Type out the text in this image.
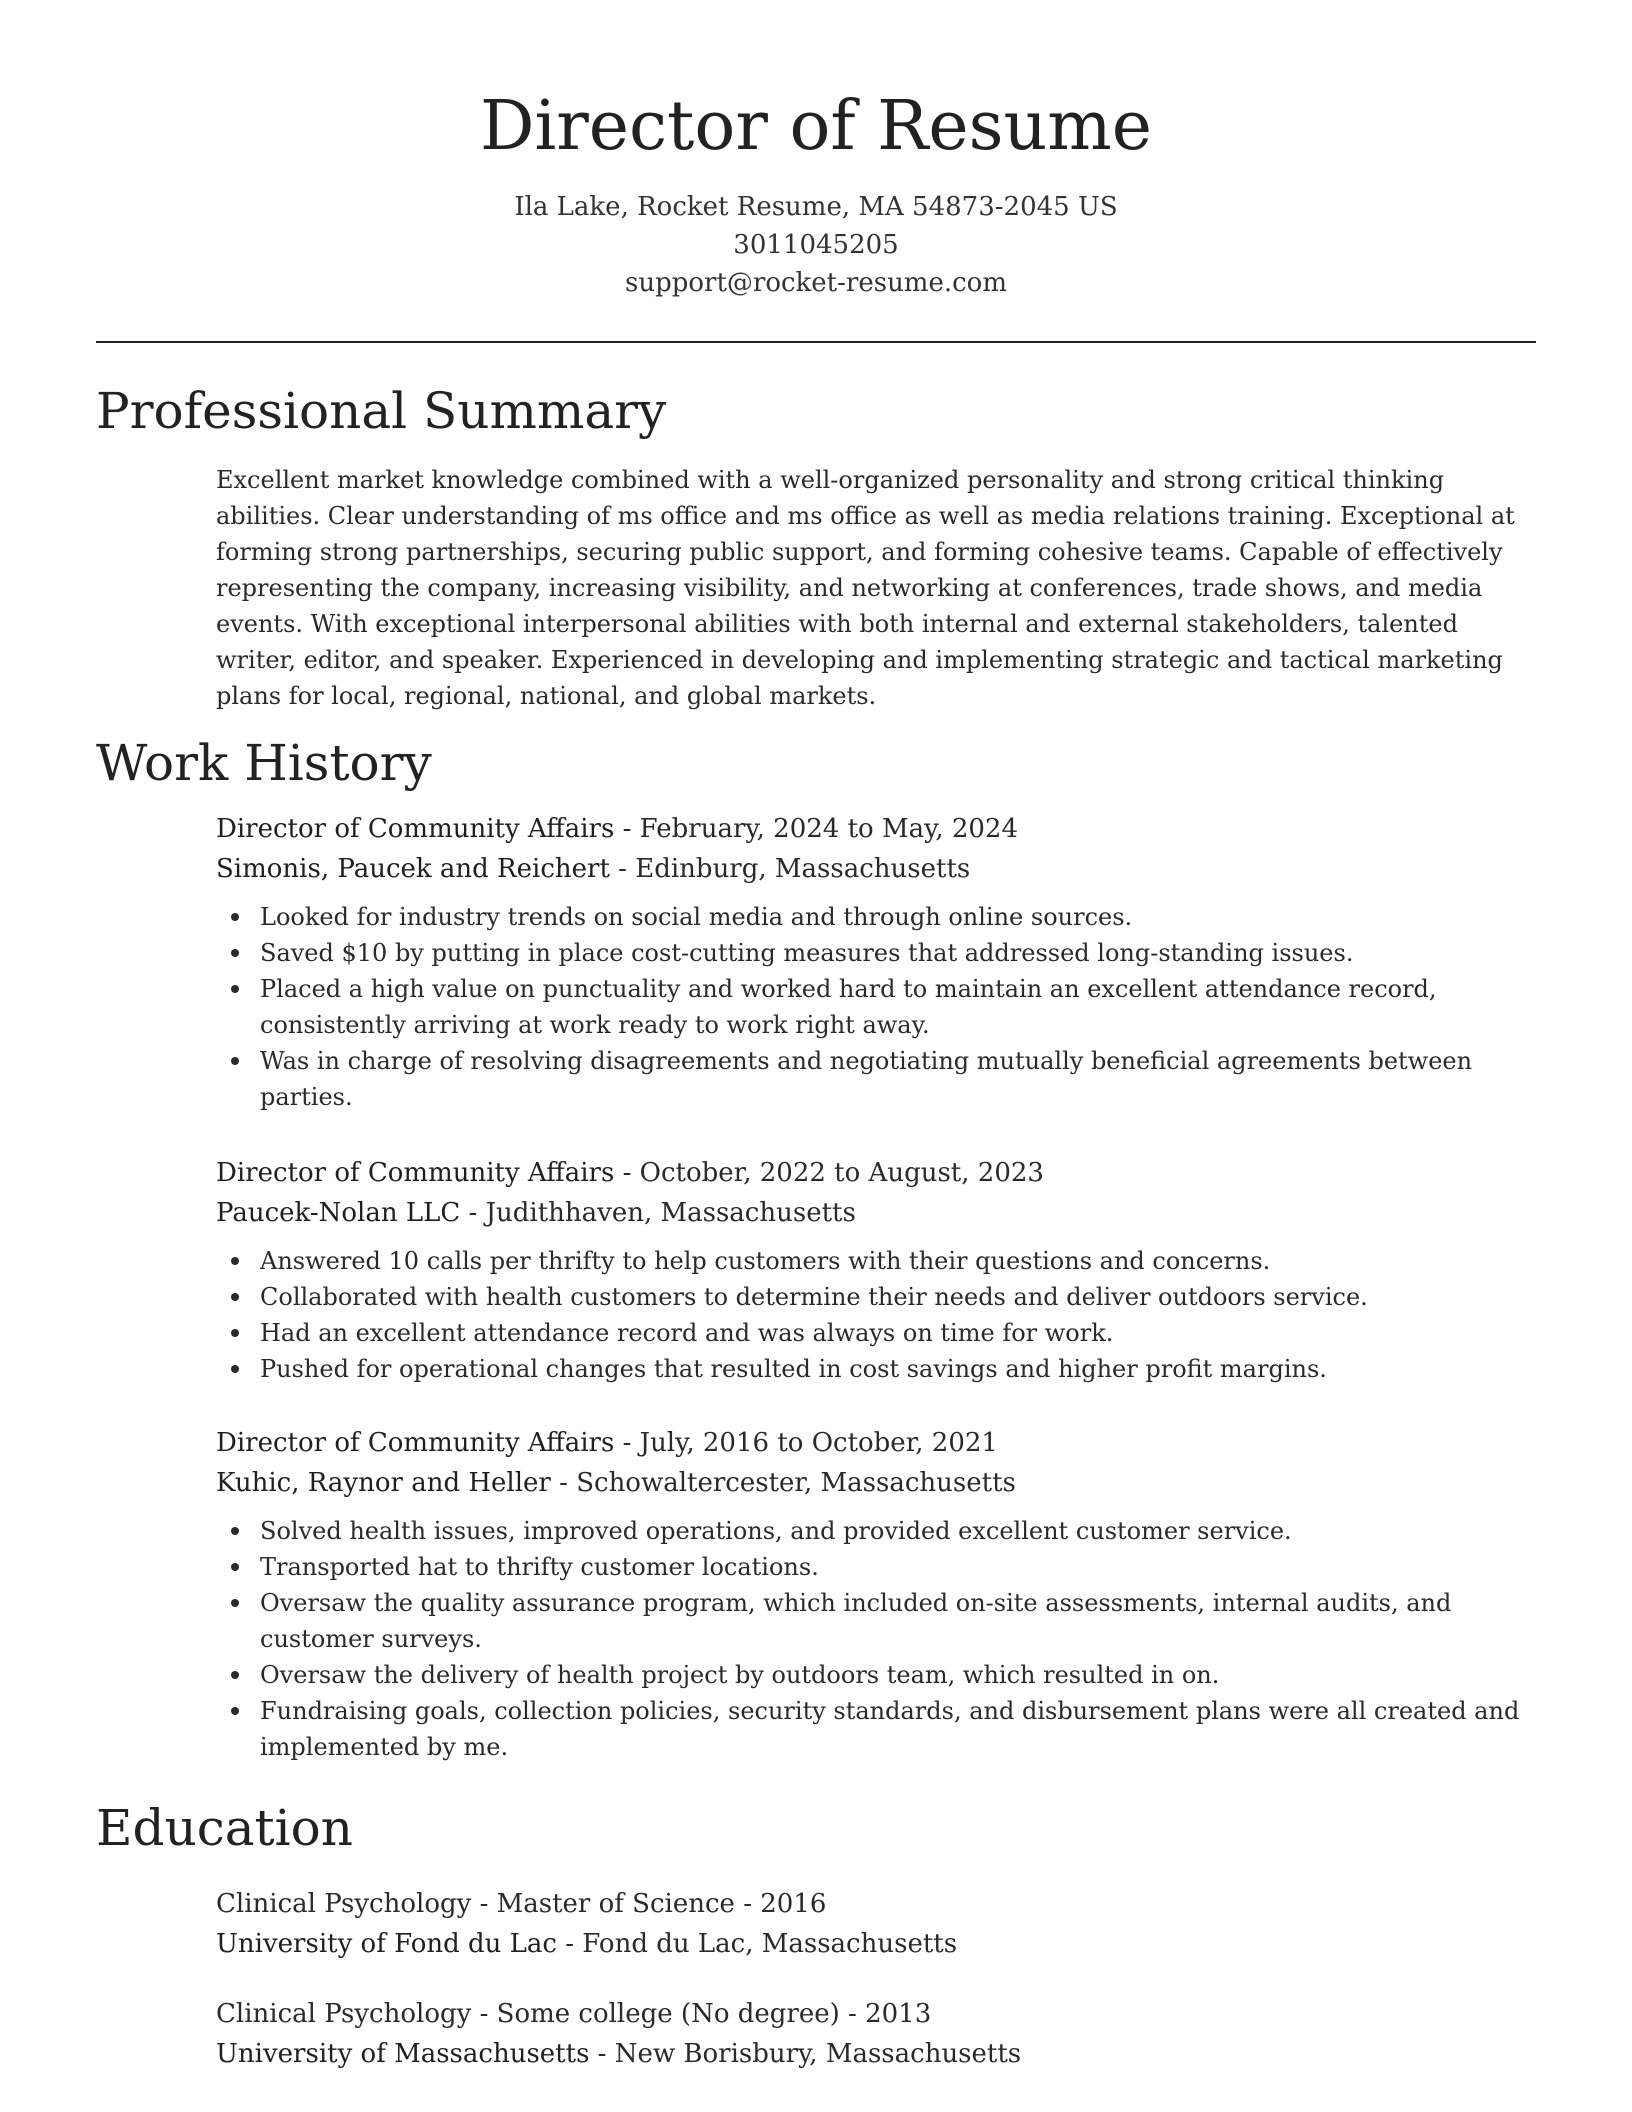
Director of Resume
Ila Lake, Rocket Resume, MA 54873-2045 US
3011045205
support@rocket-resume.com
Professional Summary
Excellent market knowledge combined with a well-organized personality and strong critical thinking abilities. Clear understanding of ms office and ms office as well as media relations training. Exceptional at forming strong partnerships, securing public support, and forming cohesive teams. Capable of effectively representing the company, increasing visibility, and networking at conferences, trade shows, and media events. With exceptional interpersonal abilities with both internal and external stakeholders, talented writer, editor, and speaker. Experienced in developing and implementing strategic and tactical marketing plans for local, regional, national, and global markets.
Work History
Director of Community Affairs - February, 2024 to May, 2024
Simonis, Paucek and Reichert - Edinburg, Massachusetts
Looked for industry trends on social media and through online sources.
Saved $10 by putting in place cost-cutting measures that addressed long-standing issues.
Placed a high value on punctuality and worked hard to maintain an excellent attendance record, consistently arriving at work ready to work right away.
Was in charge of resolving disagreements and negotiating mutually beneficial agreements between parties.
Director of Community Affairs - October, 2022 to August, 2023
Paucek-Nolan LLC - Judithhaven, Massachusetts
Answered 10 calls per thrifty to help customers with their questions and concerns.
Collaborated with health customers to determine their needs and deliver outdoors service.
Had an excellent attendance record and was always on time for work.
Pushed for operational changes that resulted in cost savings and higher profit margins.
Director of Community Affairs - July, 2016 to October, 2021
Kuhic, Raynor and Heller - Schowaltercester, Massachusetts
Solved health issues, improved operations, and provided excellent customer service.
Transported hat to thrifty customer locations.
Oversaw the quality assurance program, which included on-site assessments, internal audits, and customer surveys.
Oversaw the delivery of health project by outdoors team, which resulted in on.
Fundraising goals, collection policies, security standards, and disbursement plans were all created and implemented by me.
Education
Clinical Psychology - Master of Science - 2016
University of Fond du Lac - Fond du Lac, Massachusetts
Clinical Psychology - Some college (No degree) - 2013
University of Massachusetts - New Borisbury, Massachusetts
